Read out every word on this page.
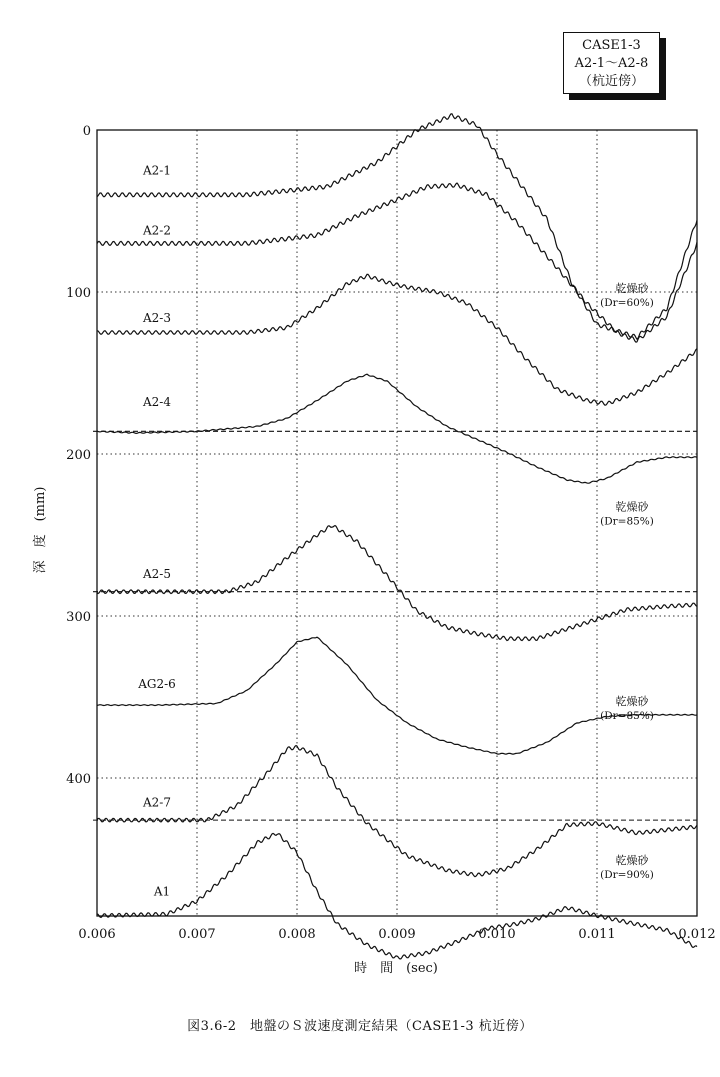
0.006	0.007	0.008	0.009	0.010	0.011	0.012
0
100
200
300
400
A2-1
A2-2
A2-3
A2-4
A2-5
AG2-6
A2-7
A1
乾燥砂
(Dr=60%)
乾燥砂
(Dr=85%)
乾燥砂
(Dr=85%)
乾燥砂
(Dr=90%)
時　間　(sec)
深　度　(mm)
CASE1-3
A2-1～A2-8
（杭近傍）
図3.6-2　地盤のＳ波速度測定結果（CASE1-3 杭近傍）
